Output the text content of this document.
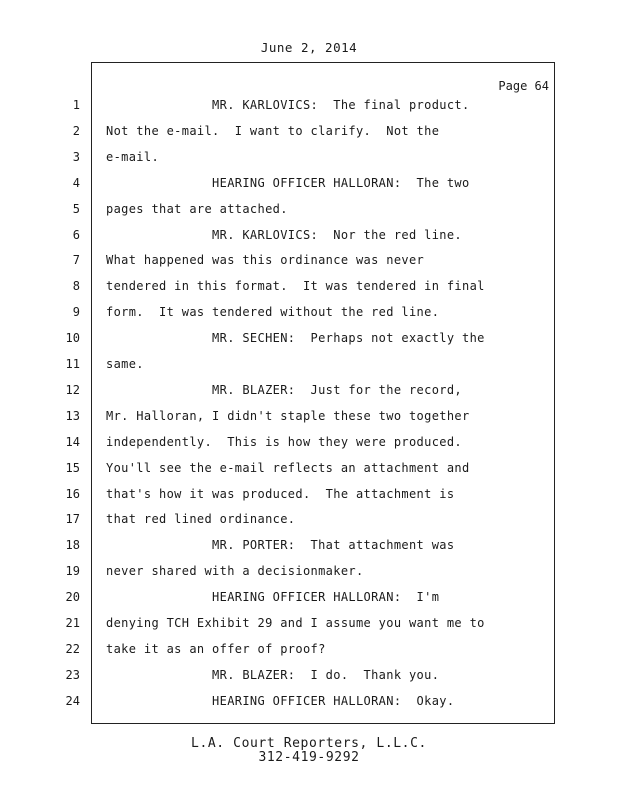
June 2, 2014
Page 64
1 MR. KARLOVICS:  The final product.
2 Not the e-mail.  I want to clarify.  Not the
3 e-mail.
4 HEARING OFFICER HALLORAN:  The two
5 pages that are attached.
6 MR. KARLOVICS:  Nor the red line.
7 What happened was this ordinance was never
8 tendered in this format.  It was tendered in final
9 form.  It was tendered without the red line.
10 MR. SECHEN:  Perhaps not exactly the
11 same.
12 MR. BLAZER:  Just for the record,
13 Mr. Halloran, I didn't staple these two together
14 independently.  This is how they were produced.
15 You'll see the e-mail reflects an attachment and
16 that's how it was produced.  The attachment is
17 that red lined ordinance.
18 MR. PORTER:  That attachment was
19 never shared with a decisionmaker.
20 HEARING OFFICER HALLORAN:  I'm
21 denying TCH Exhibit 29 and I assume you want me to
22 take it as an offer of proof?
23 MR. BLAZER:  I do.  Thank you.
24 HEARING OFFICER HALLORAN:  Okay.
L.A. Court Reporters, L.L.C.
312-419-9292
